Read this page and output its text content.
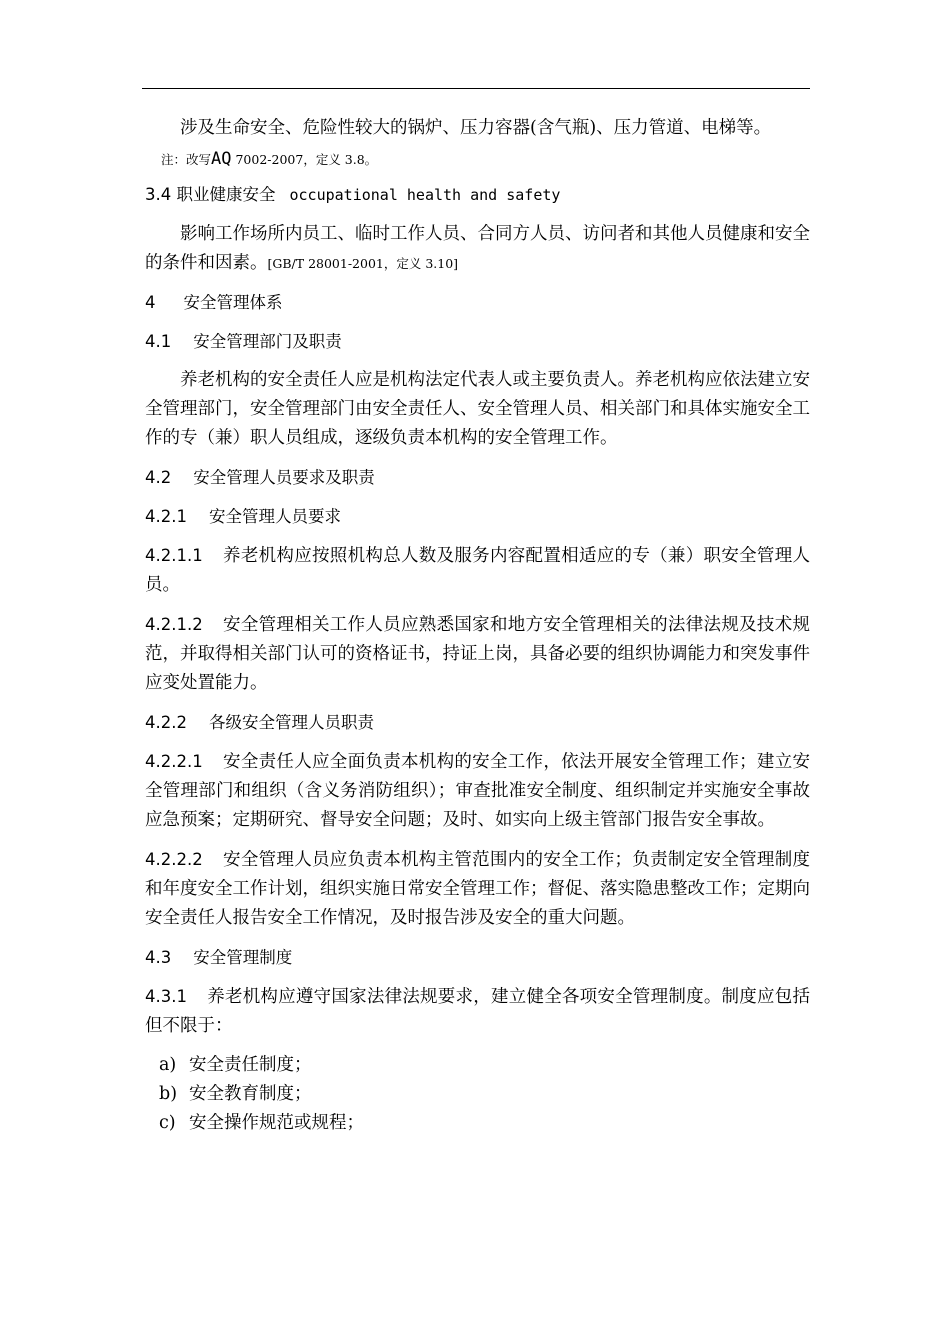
涉及生命安全、危险性较大的锅炉、压力容器(含气瓶)、压力管道、电梯等。

注：改写AQ 7002-2007，定义 3.8。
3.4 职业健康安全 occupational health and safety

影响工作场所内员工、临时工作人员、合同方人员、访问者和其他人员健康和安全的条件和因素。[GB/T 28001-2001，定义 3.10]

4 安全管理体系
4.1 安全管理部门及职责

养老机构的安全责任人应是机构法定代表人或主要负责人。养老机构应依法建立安全管理部门，安全管理部门由安全责任人、安全管理人员、相关部门和具体实施安全工作的专（兼）职人员组成，逐级负责本机构的安全管理工作。

4.2 安全管理人员要求及职责
4.2.1 安全管理人员要求

4.2.1.1 养老机构应按照机构总人数及服务内容配置相适应的专（兼）职安全管理人员。

4.2.1.2 安全管理相关工作人员应熟悉国家和地方安全管理相关的法律法规及技术规范，并取得相关部门认可的资格证书，持证上岗，具备必要的组织协调能力和突发事件应变处置能力。

4.2.2 各级安全管理人员职责

4.2.2.1 安全责任人应全面负责本机构的安全工作，依法开展安全管理工作；建立安全管理部门和组织（含义务消防组织）；审查批准安全制度、组织制定并实施安全事故应急预案；定期研究、督导安全问题；及时、如实向上级主管部门报告安全事故。

4.2.2.2 安全管理人员应负责本机构主管范围内的安全工作；负责制定安全管理制度和年度安全工作计划，组织实施日常安全管理工作；督促、落实隐患整改工作；定期向安全责任人报告安全工作情况，及时报告涉及安全的重大问题。

4.3 安全管理制度

4.3.1 养老机构应遵守国家法律法规要求，建立健全各项安全管理制度。制度应包括但不限于：

a) 安全责任制度；
b) 安全教育制度；
c) 安全操作规范或规程；
